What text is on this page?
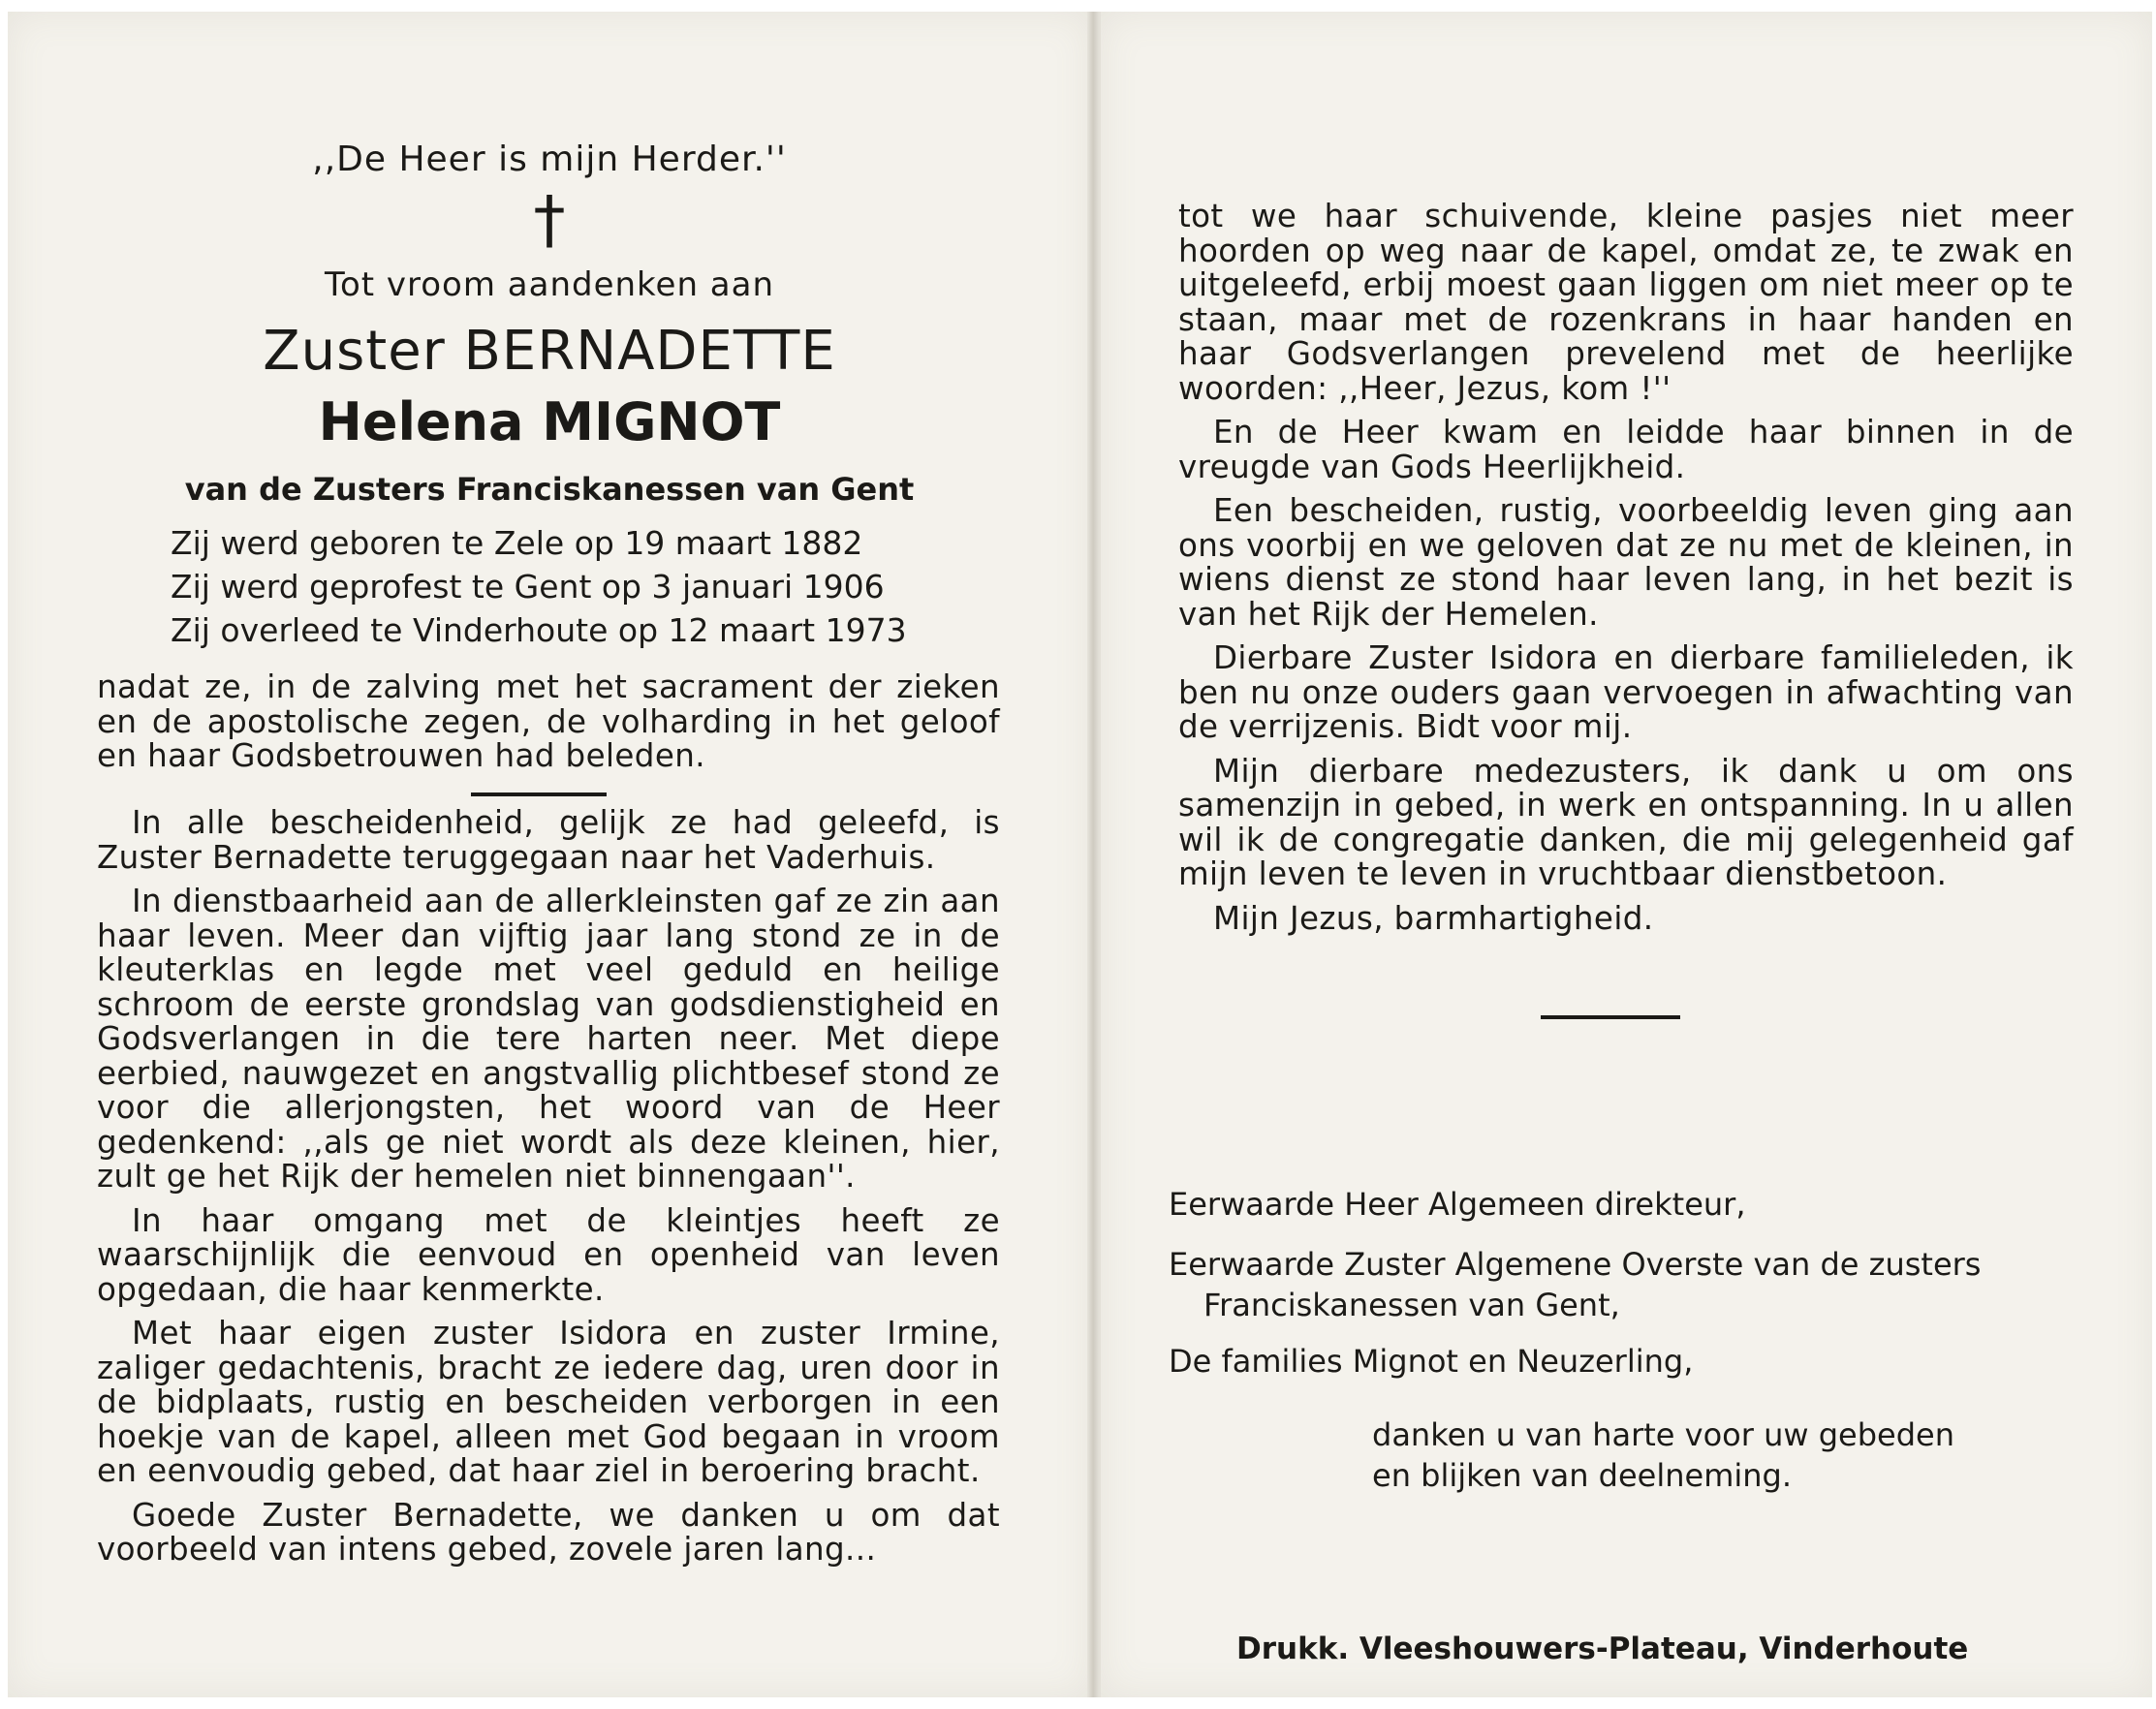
,,De Heer is mijn Herder.''
†
Tot vroom aandenken aan
Zuster BERNADETTE
Helena MIGNOT
van de Zusters Franciskanessen van Gent
Zij werd geboren te Zele op 19 maart 1882
Zij werd geprofest te Gent op 3 januari 1906
Zij overleed te Vinderhoute op 12 maart 1973

nadat ze, in de zalving met het sacrament der zieken en de apostolische zegen, de volharding in het geloof en haar Godsbetrouwen had beleden.

In alle bescheidenheid, gelijk ze had geleefd, is Zuster Bernadette teruggegaan naar het Vaderhuis.

In dienstbaarheid aan de allerkleinsten gaf ze zin aan haar leven. Meer dan vijftig jaar lang stond ze in de kleuterklas en legde met veel geduld en heilige schroom de eerste grondslag van godsdienstigheid en Godsverlangen in die tere harten neer. Met diepe eerbied, nauwgezet en angstvallig plichtbesef stond ze voor die allerjongsten, het woord van de Heer gedenkend: ,,als ge niet wordt als deze kleinen, hier, zult ge het Rijk der hemelen niet binnengaan''.

In haar omgang met de kleintjes heeft ze waarschijnlijk die eenvoud en openheid van leven opgedaan, die haar kenmerkte.

Met haar eigen zuster Isidora en zuster Irmine, zaliger gedachtenis, bracht ze iedere dag, uren door in de bidplaats, rustig en bescheiden verborgen in een hoekje van de kapel, alleen met God begaan in vroom en eenvoudig gebed, dat haar ziel in beroering bracht.

Goede Zuster Bernadette, we danken u om dat voorbeeld van intens gebed, zovele jaren lang...

tot we haar schuivende, kleine pasjes niet meer hoorden op weg naar de kapel, omdat ze, te zwak en uitgeleefd, erbij moest gaan liggen om niet meer op te staan, maar met de rozenkrans in haar handen en haar Godsverlangen prevelend met de heerlijke woorden: ,,Heer, Jezus, kom !''

En de Heer kwam en leidde haar binnen in de vreugde van Gods Heerlijkheid.

Een bescheiden, rustig, voorbeeldig leven ging aan ons voorbij en we geloven dat ze nu met de kleinen, in wiens dienst ze stond haar leven lang, in het bezit is van het Rijk der Hemelen.

Dierbare Zuster Isidora en dierbare familieleden, ik ben nu onze ouders gaan vervoegen in afwachting van de verrijzenis. Bidt voor mij.

Mijn dierbare medezusters, ik dank u om ons samenzijn in gebed, in werk en ontspanning. In u allen wil ik de congregatie danken, die mij gelegenheid gaf mijn leven te leven in vruchtbaar dienstbetoon.

Mijn Jezus, barmhartigheid.

Eerwaarde Heer Algemeen direkteur,
Eerwaarde Zuster Algemene Overste van de zusters
Franciskanessen van Gent,
De families Mignot en Neuzerling,
danken u van harte voor uw gebeden
en blijken van deelneming.
Drukk. Vleeshouwers-Plateau, Vinderhoute
